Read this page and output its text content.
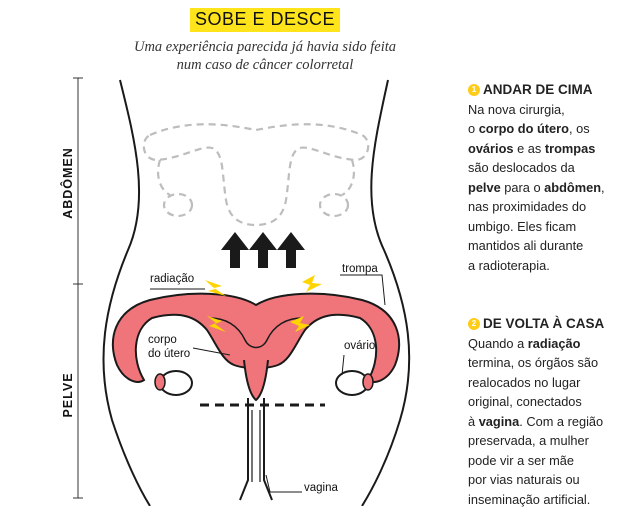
SOBE E DESCE
Uma experiência parecida já havia sido feita
num caso de câncer colorretal
ABDÔMEN
PELVE
radiação
corpo
do útero
trompa
ovário
vagina
1 ANDAR DE CIMA

Na nova cirurgia,

o corpo do útero, os

ovários e as trompas

são deslocados da

pelve para o abdômen,

nas proximidades do

umbigo. Eles ficam

mantidos ali durante

a radioterapia.

2 DE VOLTA À CASA

Quando a radiação

termina, os órgãos são

realocados no lugar

original, conectados

à vagina. Com a região

preservada, a mulher

pode vir a ser mãe

por vias naturais ou

inseminação artificial.
